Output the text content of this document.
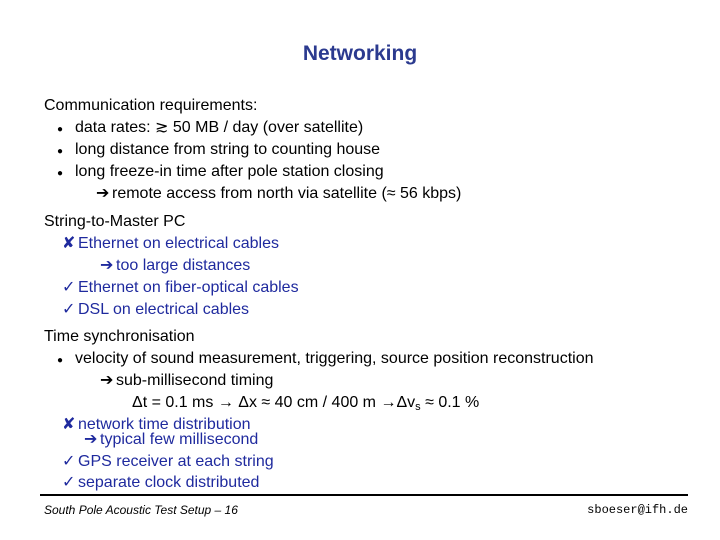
Networking
Communication requirements:
● data rates: ≳ 50 MB / day (over satellite)
● long distance from string to counting house
● long freeze-in time after pole station closing
➔ remote access from north via satellite (≈ 56 kbps)
String-to-Master PC
✘ Ethernet on electrical cables
➔ too large distances
✓ Ethernet on fiber-optical cables
✓ DSL on electrical cables
Time synchronisation
● velocity of sound measurement, triggering, source position reconstruction
➔ sub-millisecond timing
Δt = 0.1 ms → Δx ≈ 40 cm / 400 $m \to\Delta v_s \approx 0.1$ %
✘ network time distribution
➔ typical few millisecond
✓ GPS receiver at each string
✓ separate clock distributed
South Pole Acoustic Test Setup – 16	sboeser@ifh.de
